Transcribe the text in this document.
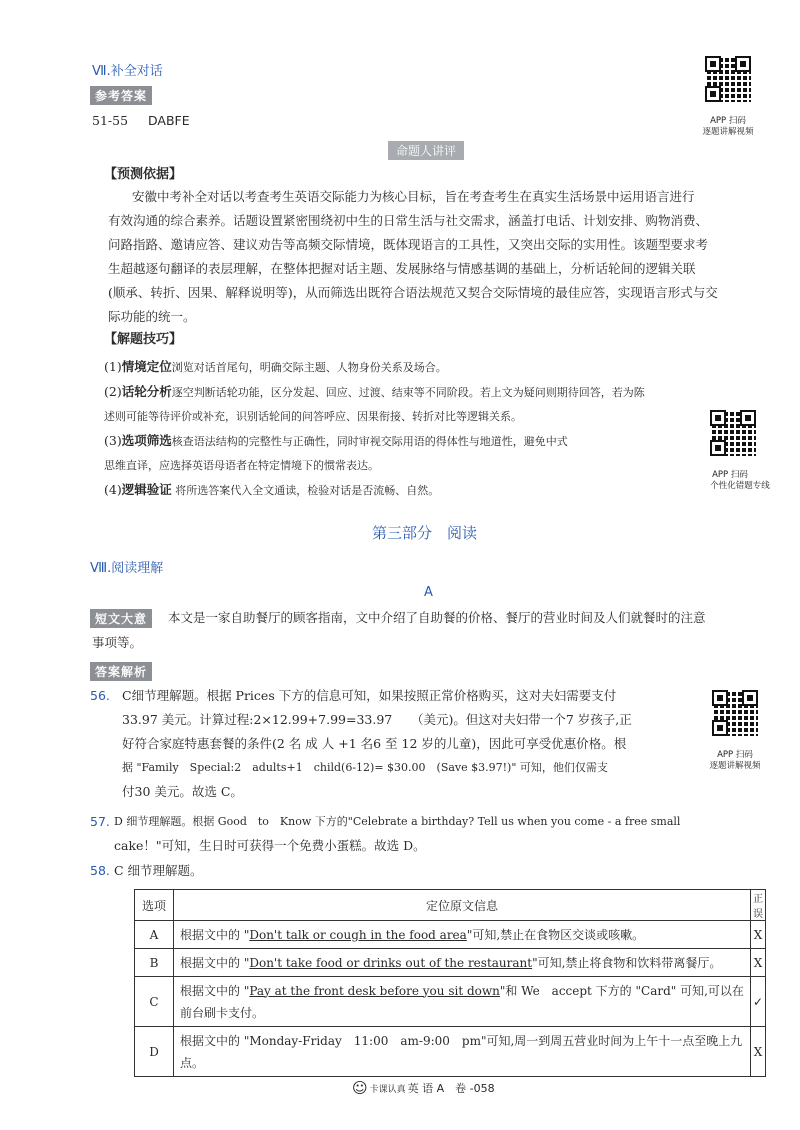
Ⅶ.补全对话
参考答案
51-55 DABFE	APP 扫码
逐题讲解视频
命题人讲评
【预测依据】
安徽中考补全对话以考查考生英语交际能力为核心目标，旨在考查考生在真实生活场景中运用语言进行
有效沟通的综合素养。话题设置紧密围绕初中生的日常生活与社交需求，涵盖打电话、计划安排、购物消费、
问路指路、邀请应答、建议劝告等高频交际情境，既体现语言的工具性，又突出交际的实用性。该题型要求考
生超越逐句翻译的表层理解，在整体把握对话主题、发展脉络与情感基调的基础上，分析话轮间的逻辑关联
(顺承、转折、因果、解释说明等)，从而筛选出既符合语法规范又契合交际情境的最佳应答，实现语言形式与交
际功能的统一。
【解题技巧】
(1)情境定位浏览对话首尾句，明确交际主题、人物身份关系及场合。
(2)话轮分析逐空判断话轮功能，区分发起、回应、过渡、结束等不同阶段。若上文为疑问则期待回答，若为陈
述则可能等待评价或补充，识别话轮间的问答呼应、因果衔接、转折对比等逻辑关系。
(3)选项筛选核查语法结构的完整性与正确性，同时审视交际用语的得体性与地道性，避免中式
思维直译，应选择英语母语者在特定情境下的惯常表达。
(4)逻辑验证 将所选答案代入全文通读，检验对话是否流畅、自然。
APP 扫码
个性化错题专线
第三部分　阅读
Ⅷ.阅读理解
A
短文大意	本文是一家自助餐厅的顾客指南，文中介绍了自助餐的价格、餐厅的营业时间及人们就餐时的注意
事项等。
答案解析
56. C细节理解题。根据 Prices 下方的信息可知，如果按照正常价格购买，这对夫妇需要支付
33.97 美元。计算过程:2×12.99+7.99=33.97　　（美元)。但这对夫妇带一个7 岁孩子,正
好符合家庭特惠套餐的条件(2 名 成 人 +1 名6 至 12 岁的儿童)，因此可享受优惠价格。根
据 "Family　Special:2　adults+1　child(6-12)= $30.00　(Save $3.97!)" 可知，他们仅需支
付30 美元。故选 C。
APP 扫码
逐题讲解视频
57. D 细节理解题。根据 Good　to　Know 下方的"Celebrate a birthday? Tell us when you come - a free small
cake！"可知，生日时可获得一个免费小蛋糕。故选 D。
58. C 细节理解题。
选项	定位原文信息	正误
A	根据文中的 "Don't talk or cough in the food area"可知,禁止在食物区交谈或咳嗽。	X
B	根据文中的 "Don't take food or drinks out of the restaurant"可知,禁止将食物和饮料带离餐厅。	X
C	根据文中的 "Pay at the front desk before you sit down"和 We　accept 下方的 "Card" 可知,可以在前台刷卡支付。	✓
D	根据文中的 "Monday-Friday　11:00　am-9:00　pm"可知,周一到周五营业时间为上午十一点至晚上九点。	X
☺ 卡课认真 英 语 A　卷 -058
